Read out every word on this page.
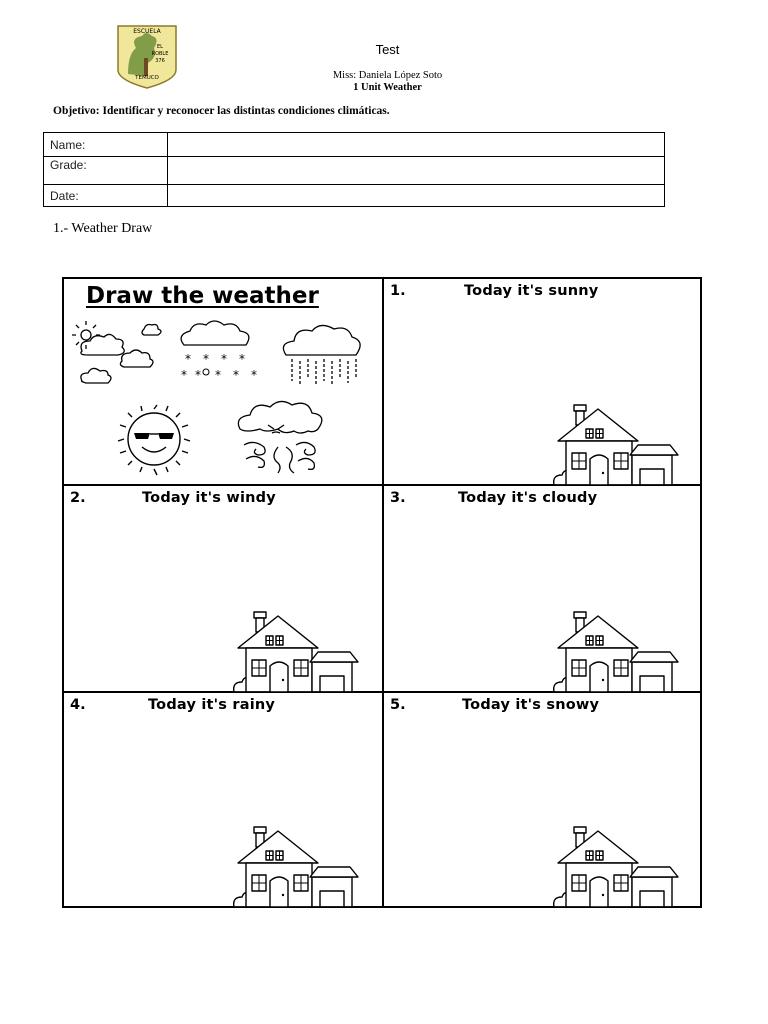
ESCUELA
EL
ROBLE
376
TEMUCO
Test
Miss: Daniela López Soto
1 Unit Weather
Objetivo: Identificar y reconocer las distintas condiciones climáticas.
Name:	
Grade:	
Date:	
1.- Weather Draw
Draw the weather
* * * *
* * * * *
1.	Today it's sunny
2.	Today it's windy	3.	Today it's cloudy
4.	Today it's rainy	5.	Today it's snowy
